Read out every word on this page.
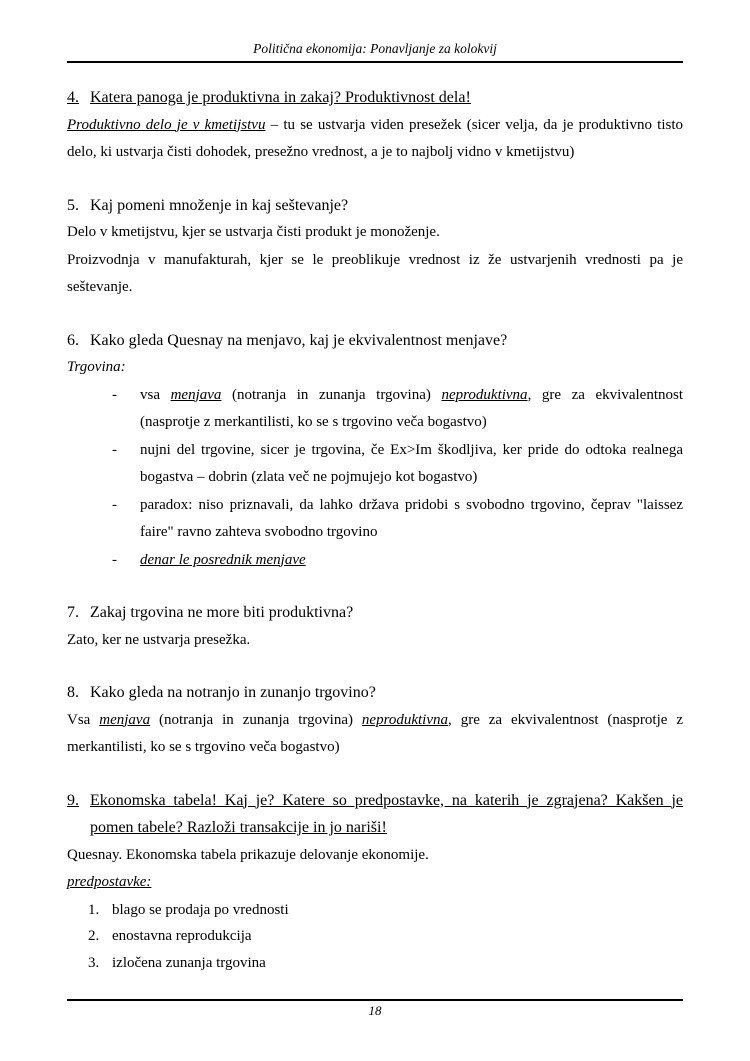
Politična ekonomija: Ponavljanje za kolokvij
4. Katera panoga je produktivna in zakaj? Produktivnost dela!
Produktivno delo je v kmetijstvu – tu se ustvarja viden presežek (sicer velja, da je produktivno tisto delo, ki ustvarja čisti dohodek, presežno vrednost, a je to najbolj vidno v kmetijstvu)
5. Kaj pomeni množenje in kaj seštevanje?
Delo v kmetijstvu, kjer se ustvarja čisti produkt je monoženje.
Proizvodnja v manufakturah, kjer se le preoblikuje vrednost iz že ustvarjenih vrednosti pa je seštevanje.
6. Kako gleda Quesnay na menjavo, kaj je ekvivalentnost menjave?
Trgovina:
-	vsa menjava (notranja in zunanja trgovina) neproduktivna, gre za ekvivalentnost (nasprotje z merkantilisti, ko se s trgovino veča bogastvo)
-	nujni del trgovine, sicer je trgovina, če Ex>Im škodljiva, ker pride do odtoka realnega bogastva – dobrin (zlata več ne pojmujejo kot bogastvo)
-	paradox: niso priznavali, da lahko država pridobi s svobodno trgovino, čeprav "laissez faire" ravno zahteva svobodno trgovino
-	denar le posrednik menjave
7. Zakaj trgovina ne more biti produktivna?
Zato, ker ne ustvarja presežka.
8. Kako gleda na notranjo in zunanjo trgovino?
Vsa menjava (notranja in zunanja trgovina) neproduktivna, gre za ekvivalentnost (nasprotje z merkantilisti, ko se s trgovino veča bogastvo)
9. Ekonomska tabela! Kaj je? Katere so predpostavke, na katerih je zgrajena? Kakšen je pomen tabele? Razloži transakcije in jo nariši!
Quesnay. Ekonomska tabela prikazuje delovanje ekonomije.
predpostavke:
1. blago se prodaja po vrednosti
2. enostavna reprodukcija
3. izločena zunanja trgovina
18
